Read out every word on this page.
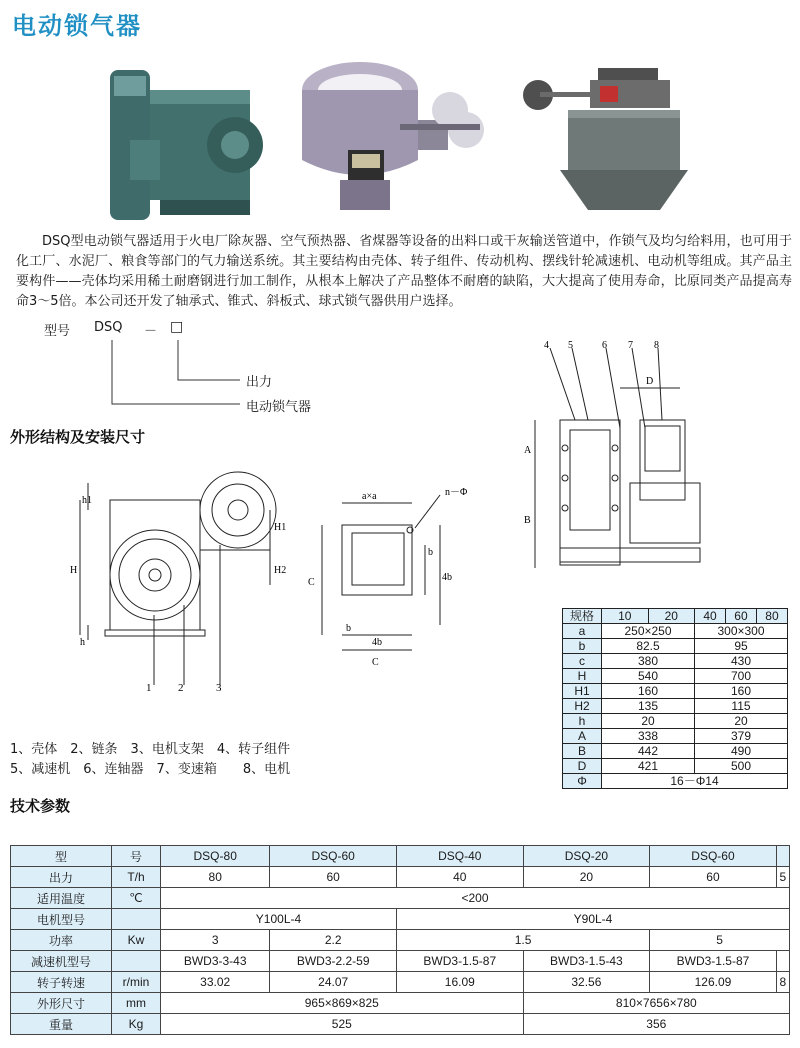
电动锁气器
DSQ型电动锁气器适用于火电厂除灰器、空气预热器、省煤器等设备的出料口或干灰输送管道中，作锁气及均匀给料用，也可用于化工厂、水泥厂、粮食等部门的气力输送系统。其主要结构由壳体、转子组件、传动机构、摆线针轮减速机、电动机等组成。其产品主要构件——壳体均采用稀土耐磨钢进行加工制作，从根本上解决了产品整体不耐磨的缺陷，大大提高了使用寿命，比原同类产品提高寿命3～5倍。本公司还开发了轴承式、锥式、斜板式、球式锁气器供用户选择。
型号 DSQ － □
出力
电动锁气器
外形结构及安装尺寸
h1
H
h
H1
H2
1 2	3
a×a	n－Φ
b
4b
C
b
4b
C
4 5	6 7 8
A
B
D
1、壳体　2、链条　3、电机支架　4、转子组件
5、减速机　6、连轴器　7、变速箱　　8、电机
规格	10	20	40	60	80
a	250×250		300×300		
b	82.5		95		
c	380		430		
H	540		700		
H1	160		160		
H2	135		115		
h	20		20		
A	338		379		
B	442		490		
D	421		500		
Φ	16－Φ14				
技术参数
型	号	DSQ-80	DSQ-60	DSQ-40	DSQ-20	DSQ-60	
出力	T/h	80	60	40	20	60	5
适用温度	℃	<200					
电机型号		Y100L-4		Y90L-4			
功率	Kw	3	2.2	1.5		5	
减速机型号		BWD3-3-43	BWD3-2.2-59	BWD3-1.5-87	BWD3-1.5-43	BWD3-1.5-87	
转子转速	r/min	33.02	24.07	16.09	32.56	126.09	8
外形尺寸	mm	965×869×825			810×7656×780		
重量	Kg	525			356		
